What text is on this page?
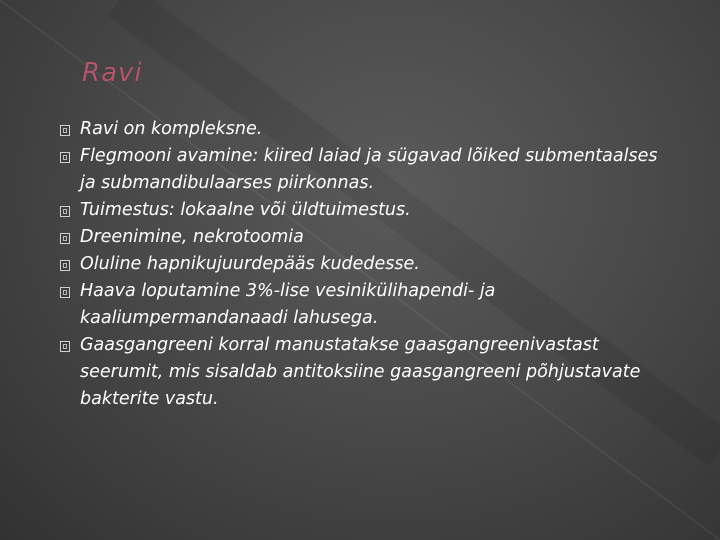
Ravi
Ravi on kompleksne.
Flegmooni avamine: kiired laiad ja sügavad lõiked submentaalses ja submandibulaarses piirkonnas.
Tuimestus: lokaalne või üldtuimestus.
Dreenimine, nekrotoomia
Oluline hapnikujuurdepääs kudedesse.
Haava loputamine 3%-lise vesinikülihapendi- ja kaaliumpermandanaadi lahusega.
Gaasgangreeni korral manustatakse gaasgangreenivastast seerumit, mis sisaldab antitoksiine gaasgangreeni põhjustavate bakterite vastu.
